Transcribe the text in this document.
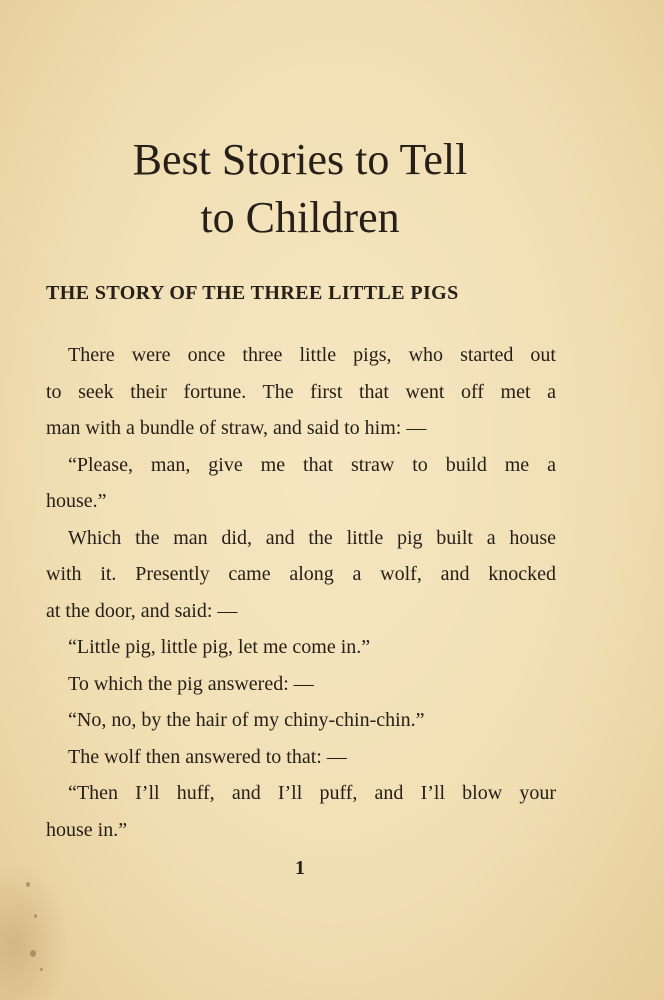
Best Stories to Tell
to Children
THE STORY OF THE THREE LITTLE PIGS
There were once three little pigs, who started out
to seek their fortune. The first that went off met a
man with a bundle of straw, and said to him: —
“Please, man, give me that straw to build me a
house.”
Which the man did, and the little pig built a house
with it. Presently came along a wolf, and knocked
at the door, and said: —
“Little pig, little pig, let me come in.”
To which the pig answered: —
“No, no, by the hair of my chiny-chin-chin.”
The wolf then answered to that: —
“Then I’ll huff, and I’ll puff, and I’ll blow your
house in.”
1
